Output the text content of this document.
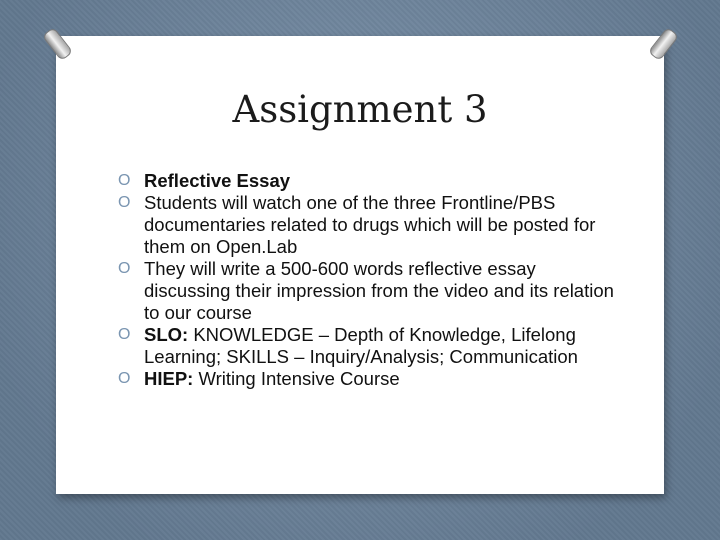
Assignment 3
O Reflective Essay
O Students will watch one of the three Frontline/PBS documentaries related to drugs which will be posted for them on Open.Lab
O They will write a 500-600 words reflective essay discussing their impression from the video and its relation to our course
O SLO: KNOWLEDGE – Depth of Knowledge, Lifelong Learning; SKILLS – Inquiry/Analysis; Communication
O HIEP: Writing Intensive Course
